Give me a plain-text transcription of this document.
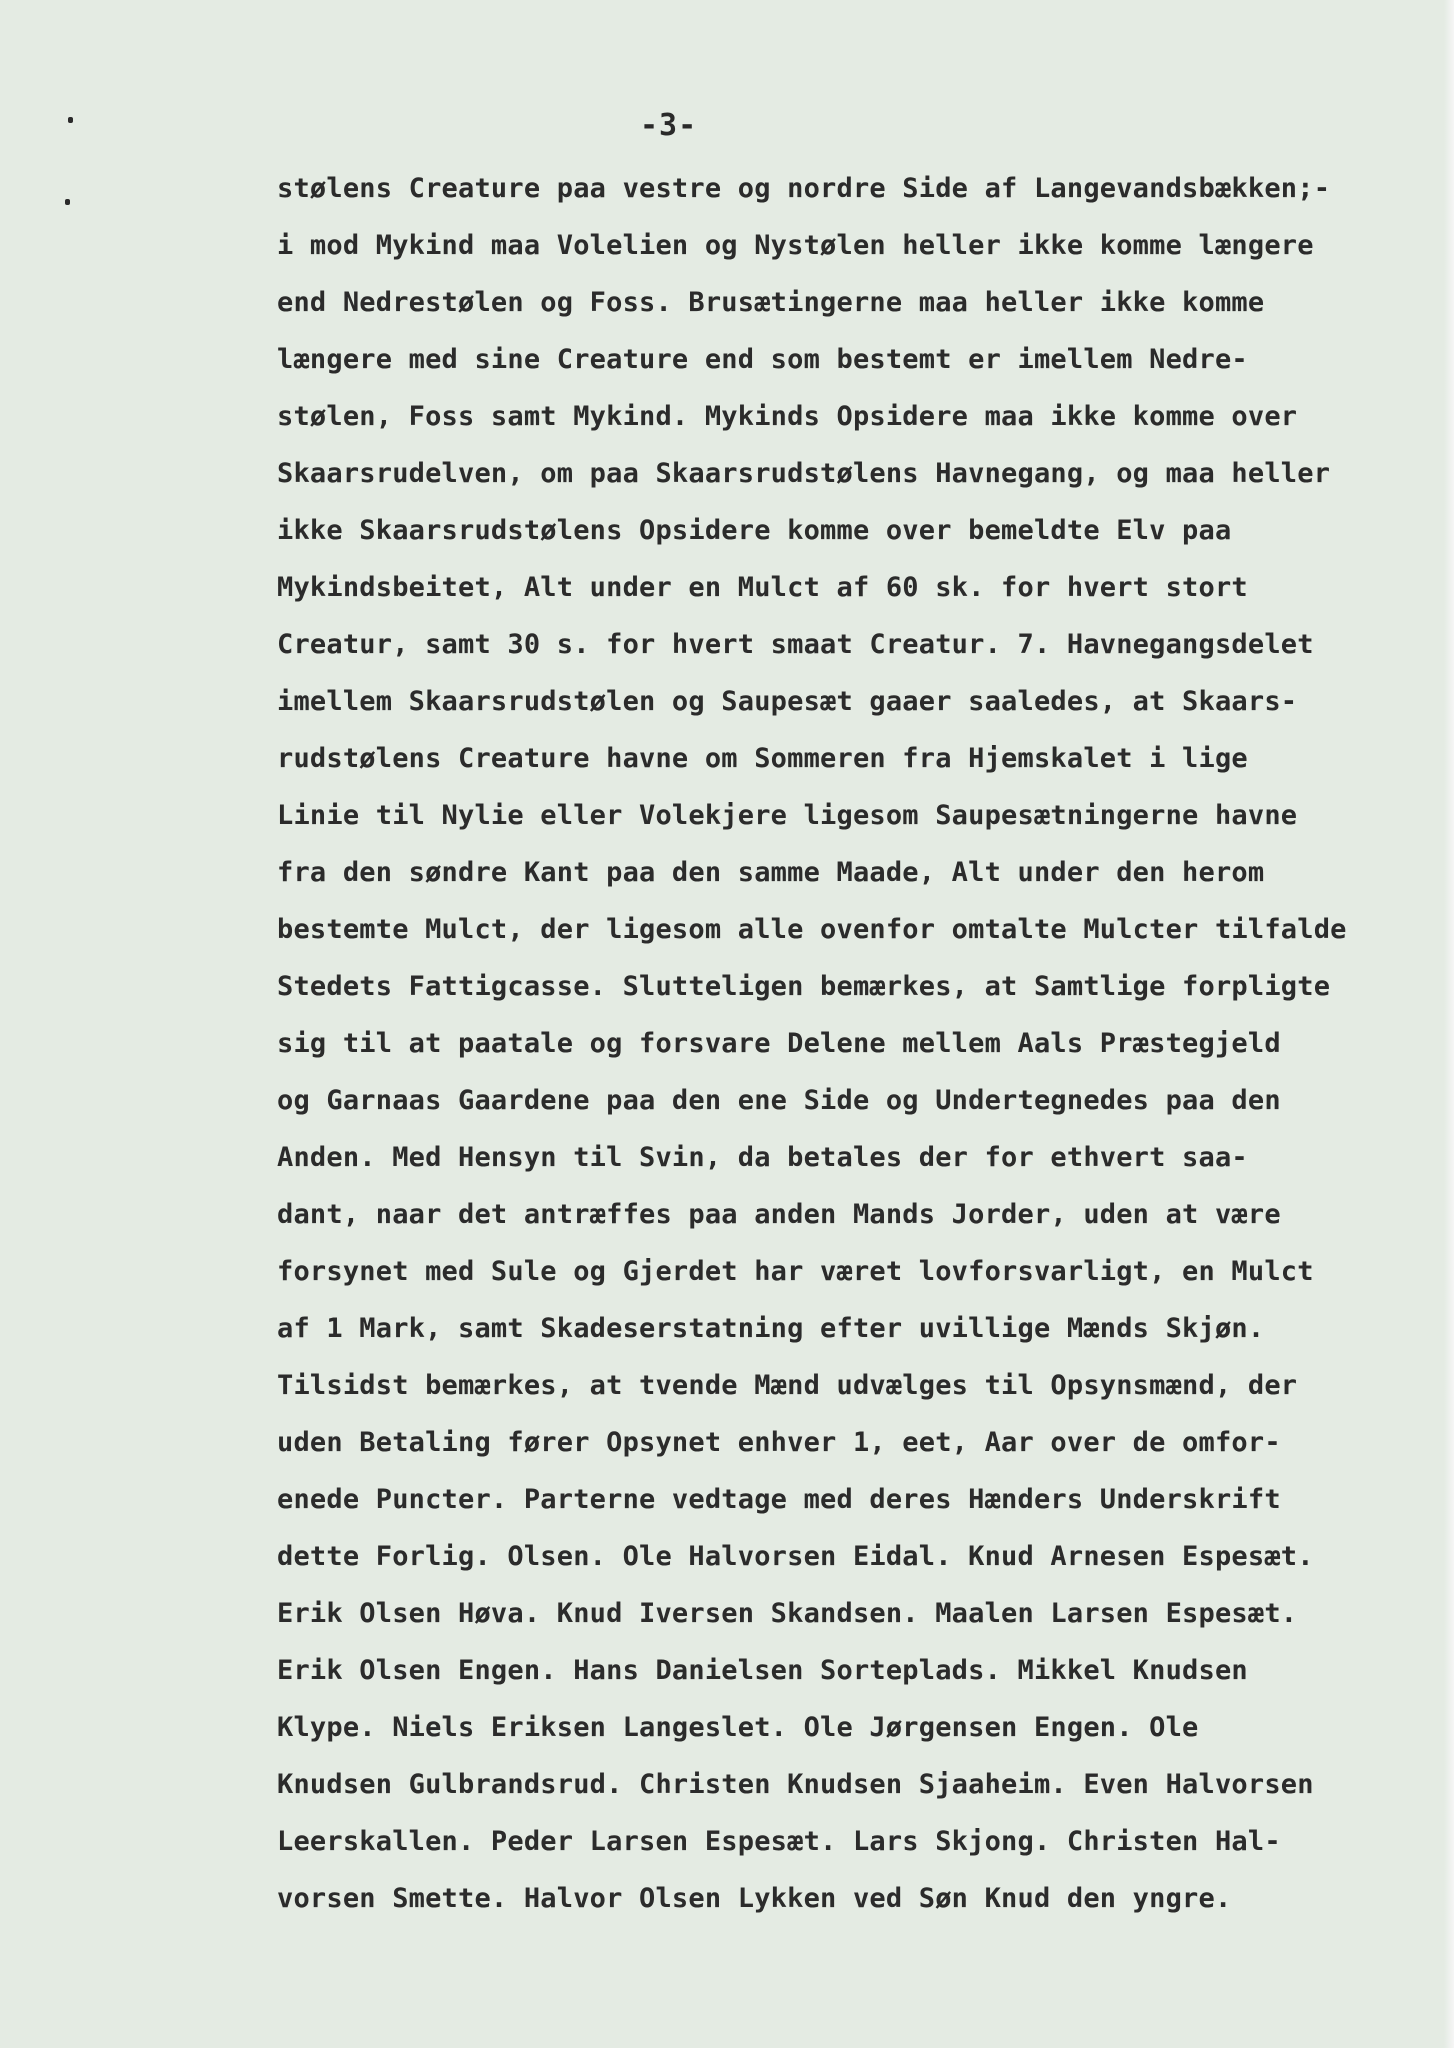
-3-
stølens Creature paa vestre og nordre Side af Langevandsbækken;-
i mod Mykind maa Volelien og Nystølen heller ikke komme længere
end Nedrestølen og Foss. Brusætingerne maa heller ikke komme
længere med sine Creature end som bestemt er imellem Nedre-
stølen, Foss samt Mykind. Mykinds Opsidere maa ikke komme over
Skaarsrudelven, om paa Skaarsrudstølens Havnegang, og maa heller
ikke Skaarsrudstølens Opsidere komme over bemeldte Elv paa
Mykindsbeitet, Alt under en Mulct af 60 sk. for hvert stort
Creatur, samt 30 s. for hvert smaat Creatur. 7. Havnegangsdelet
imellem Skaarsrudstølen og Saupesæt gaaer saaledes, at Skaars-
rudstølens Creature havne om Sommeren fra Hjemskalet i lige
Linie til Nylie eller Volekjere ligesom Saupesætningerne havne
fra den søndre Kant paa den samme Maade, Alt under den herom
bestemte Mulct, der ligesom alle ovenfor omtalte Mulcter tilfalde
Stedets Fattigcasse. Slutteligen bemærkes, at Samtlige forpligte
sig til at paatale og forsvare Delene mellem Aals Præstegjeld
og Garnaas Gaardene paa den ene Side og Undertegnedes paa den
Anden. Med Hensyn til Svin, da betales der for ethvert saa-
dant, naar det antræffes paa anden Mands Jorder, uden at være
forsynet med Sule og Gjerdet har været lovforsvarligt, en Mulct
af 1 Mark, samt Skadeserstatning efter uvillige Mænds Skjøn.
Tilsidst bemærkes, at tvende Mænd udvælges til Opsynsmænd, der
uden Betaling fører Opsynet enhver 1, eet, Aar over de omfor-
enede Puncter. Parterne vedtage med deres Hænders Underskrift
dette Forlig. Olsen. Ole Halvorsen Eidal. Knud Arnesen Espesæt.
Erik Olsen Høva. Knud Iversen Skandsen. Maalen Larsen Espesæt.
Erik Olsen Engen. Hans Danielsen Sorteplads. Mikkel Knudsen
Klype. Niels Eriksen Langeslet. Ole Jørgensen Engen. Ole
Knudsen Gulbrandsrud. Christen Knudsen Sjaaheim. Even Halvorsen
Leerskallen. Peder Larsen Espesæt. Lars Skjong. Christen Hal-
vorsen Smette. Halvor Olsen Lykken ved Søn Knud den yngre.
